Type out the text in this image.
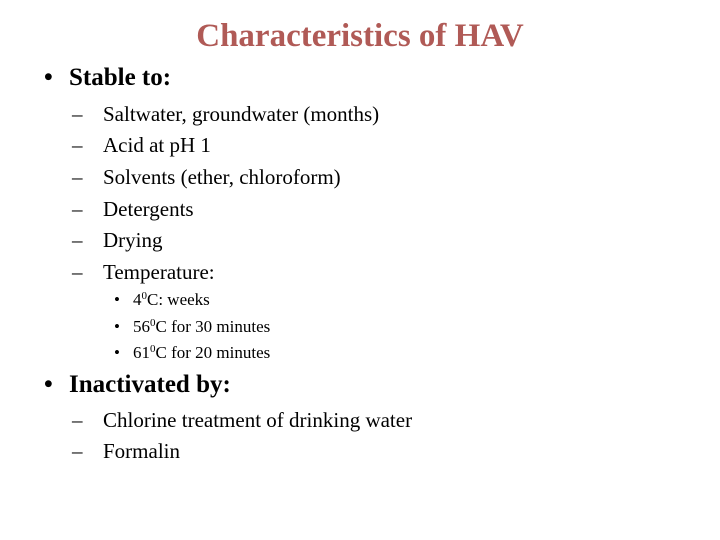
Characteristics of HAV
• Stable to:
– Saltwater, groundwater (months)
– Acid at pH 1
– Solvents (ether, chloroform)
– Detergents
– Drying
– Temperature:
• $4^0C$: weeks
• $56^0C$ for 30 minutes
• $61^0C$ for 20 minutes
• Inactivated by:
– Chlorine treatment of drinking water
– Formalin
